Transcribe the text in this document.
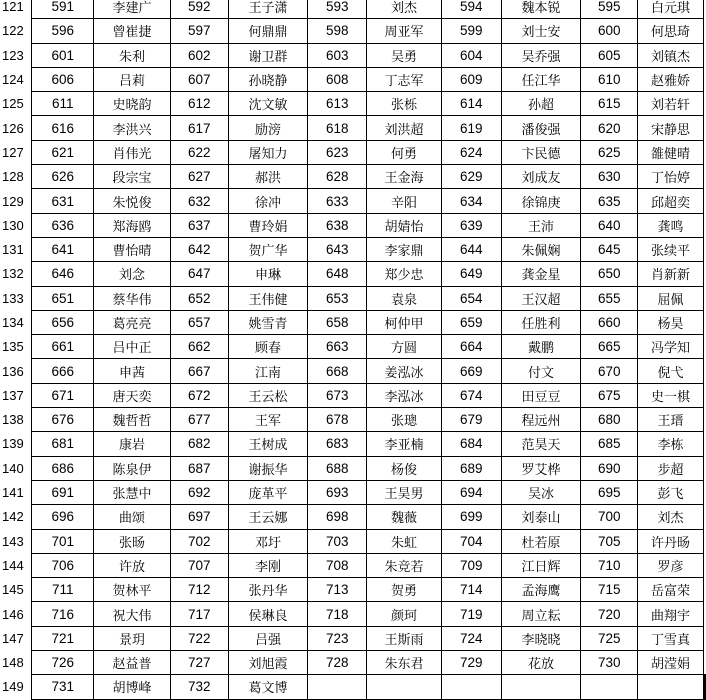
121	591	李建广	592	王子潇	593	刘杰	594	魏本锐	595	白元琪	
122	596	曾崔捷	597	何鼎鼎	598	周亚军	599	刘士安	600	何思琦	
123	601	朱利	602	谢卫群	603	吴勇	604	吴乔强	605	刘镇杰	
124	606	吕莉	607	孙晓静	608	丁志军	609	任江华	610	赵雅娇	
125	611	史晓韵	612	沈文敏	613	张栎	614	孙超	615	刘若轩	
126	616	李洪兴	617	励滂	618	刘洪超	619	潘俊强	620	宋静思	
127	621	肖伟光	622	屠知力	623	何勇	624	卞民德	625	雒健晴	
128	626	段宗宝	627	郝洪	628	王金海	629	刘成友	630	丁怡婷	
129	631	朱悦俊	632	徐冲	633	辛阳	634	徐锦庚	635	邱超奕	
130	636	郑海鸥	637	曹玲娟	638	胡婧怡	639	王沛	640	龚鸣	
131	641	曹怡晴	642	贺广华	643	李家鼎	644	朱佩娴	645	张续平	
132	646	刘念	647	申琳	648	郑少忠	649	龚金星	650	肖新新	
133	651	蔡华伟	652	王伟健	653	袁泉	654	王汉超	655	屈佩	
134	656	葛亮亮	657	姚雪青	658	柯仲甲	659	任胜利	660	杨昊	
135	661	吕中正	662	顾春	663	方圆	664	戴鹏	665	冯学知	
136	666	申茜	667	江南	668	姜泓冰	669	付文	670	倪弋	
137	671	唐天奕	672	王云松	673	李泓冰	674	田豆豆	675	史一棋	
138	676	魏哲哲	677	王军	678	张璁	679	程远州	680	王瑨	
139	681	康岩	682	王树成	683	李亚楠	684	范昊天	685	李栋	
140	686	陈泉伊	687	谢振华	688	杨俊	689	罗艾桦	690	步超	
141	691	张慧中	692	庞革平	693	王昊男	694	吴冰	695	彭飞	
142	696	曲颂	697	王云娜	698	魏薇	699	刘泰山	700	刘杰	
143	701	张旸	702	邓圩	703	朱虹	704	杜若原	705	许丹旸	
144	706	许放	707	李刚	708	朱竞若	709	江日辉	710	罗彦	
145	711	贺林平	712	张丹华	713	贺勇	714	孟海鹰	715	岳富荣	
146	716	祝大伟	717	侯琳良	718	颜珂	719	周立耘	720	曲翔宇	
147	721	景玥	722	吕强	723	王斯雨	724	李晓晓	725	丁雪真	
148	726	赵益普	727	刘旭霞	728	朱东君	729	花放	730	胡滢娟	
149	731	胡博峰	732	葛文博								
